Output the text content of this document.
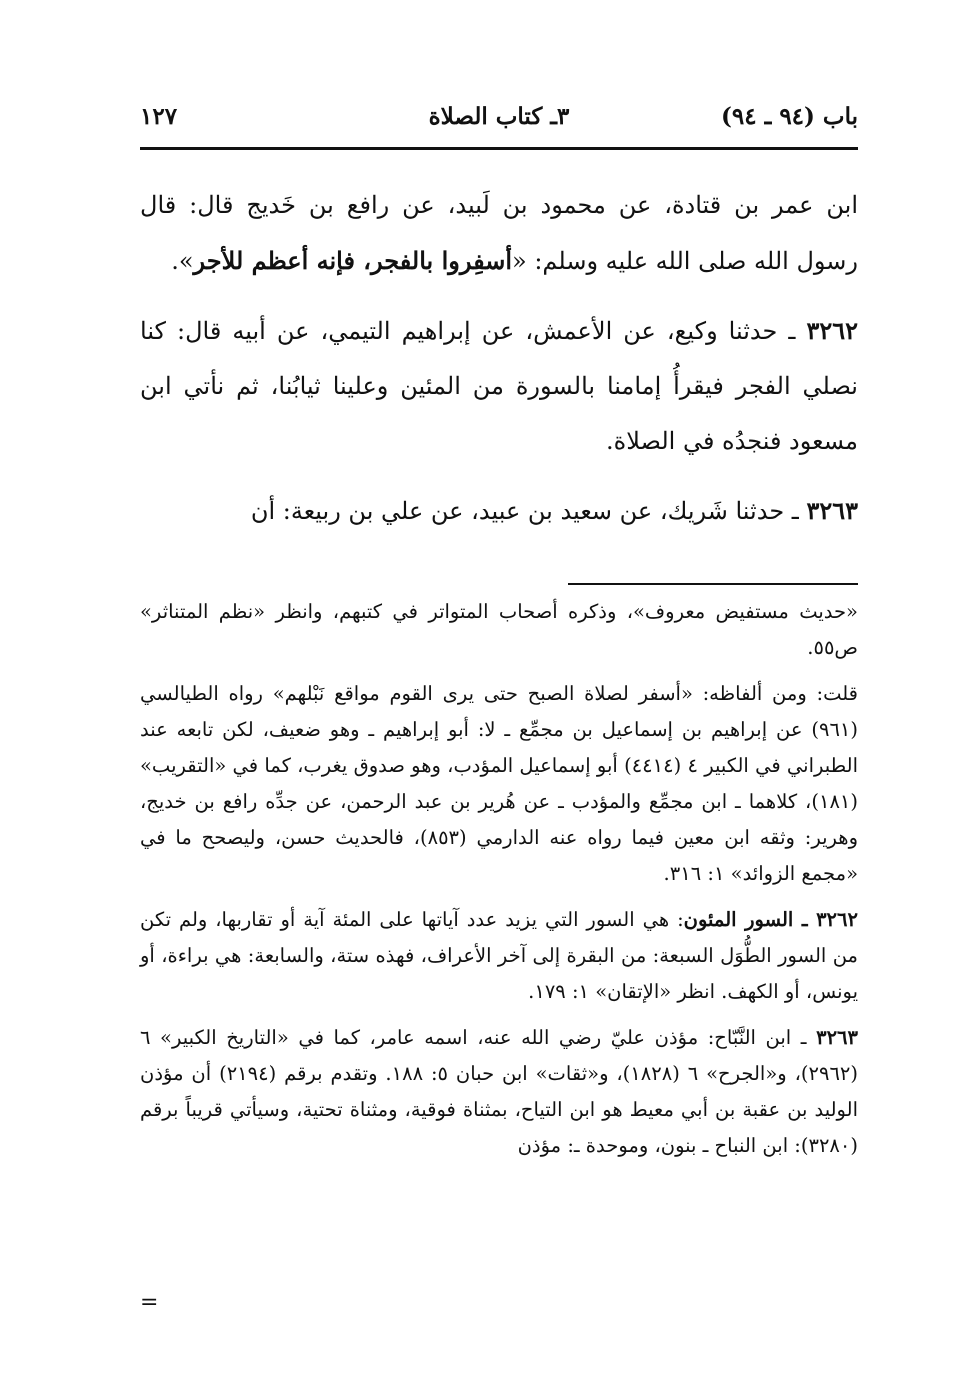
باب (٩٤ ـ ٩٤)
٣ـ كتاب الصلاة
١٢٧

ابن عمر بن قتادة، عن محمود بن لَبيد، عن رافع بن خَديج قال: قال رسول الله صلى الله عليه وسلم: «أسفِروا بالفجر، فإنه أعظم للأجر».

٣٢٦٢ ـ حدثنا وكيع، عن الأعمش، عن إبراهيم التيمي، عن أبيه قال: كنا نصلي الفجر فيقرأُ إمامنا بالسورة من المئين وعلينا ثيابُنا، ثم نأتي ابن مسعود فنجدُه في الصلاة.

٣٢٦٣ ـ حدثنا شَريك، عن سعيد بن عبيد، عن علي بن ربيعة: أن

«حديث مستفيض معروف»، وذكره أصحاب المتواتر في كتبهم، وانظر «نظم المتناثر» ص٥٥.

قلت: ومن ألفاظه: «أسفر لصلاة الصبح حتى يرى القوم مواقع نَبْلهم» رواه الطيالسي (٩٦١) عن إبراهيم بن إسماعيل بن مجمِّع ـ لا: أبو إبراهيم ـ وهو ضعيف، لكن تابعه عند الطبراني في الكبير ٤ (٤٤١٤) أبو إسماعيل المؤدب، وهو صدوق يغرب، كما في «التقريب» (١٨١)، كلاهما ـ ابن مجمِّع والمؤدب ـ عن هُرير بن عبد الرحمن، عن جدِّه رافع بن خديج، وهرير: وثقه ابن معين فيما رواه عنه الدارمي (٨٥٣)، فالحديث حسن، وليصحح ما في «مجمع الزوائد» ١: ٣١٦.

٣٢٦٢ ـ السور المئون: هي السور التي يزيد عدد آياتها على المئة آية أو تقاربها، ولم تكن من السور الطُّوَل السبعة: من البقرة إلى آخر الأعراف، فهذه ستة، والسابعة: هي براءة، أو يونس، أو الكهف. انظر «الإتقان» ١: ١٧٩.

٣٢٦٣ ـ ابن النَّبّاح: مؤذن عليّ رضي الله عنه، اسمه عامر، كما في «التاريخ الكبير» ٦ (٢٩٦٢)، و«الجرح» ٦ (١٨٢٨)، و«ثقات» ابن حبان ٥: ١٨٨. وتقدم برقم (٢١٩٤) أن مؤذن الوليد بن عقبة بن أبي معيط هو ابن التياح، بمثناة فوقية، ومثناة تحتية، وسيأتي قريباً برقم (٣٢٨٠): ابن النباح ـ بنون، وموحدة ـ: مؤذن

=
